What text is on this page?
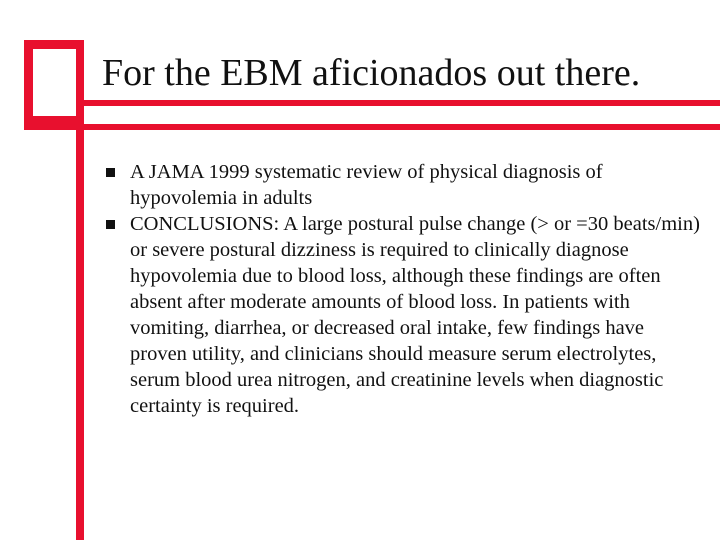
For the EBM aficionados out there.
A JAMA 1999 systematic review of physical diagnosis of hypovolemia in adults
CONCLUSIONS: A large postural pulse change (> or =30 beats/min) or severe postural dizziness is required to clinically diagnose hypovolemia due to blood loss, although these findings are often absent after moderate amounts of blood loss. In patients with vomiting, diarrhea, or decreased oral intake, few findings have proven utility, and clinicians should measure serum electrolytes, serum blood urea nitrogen, and creatinine levels when diagnostic certainty is required.
